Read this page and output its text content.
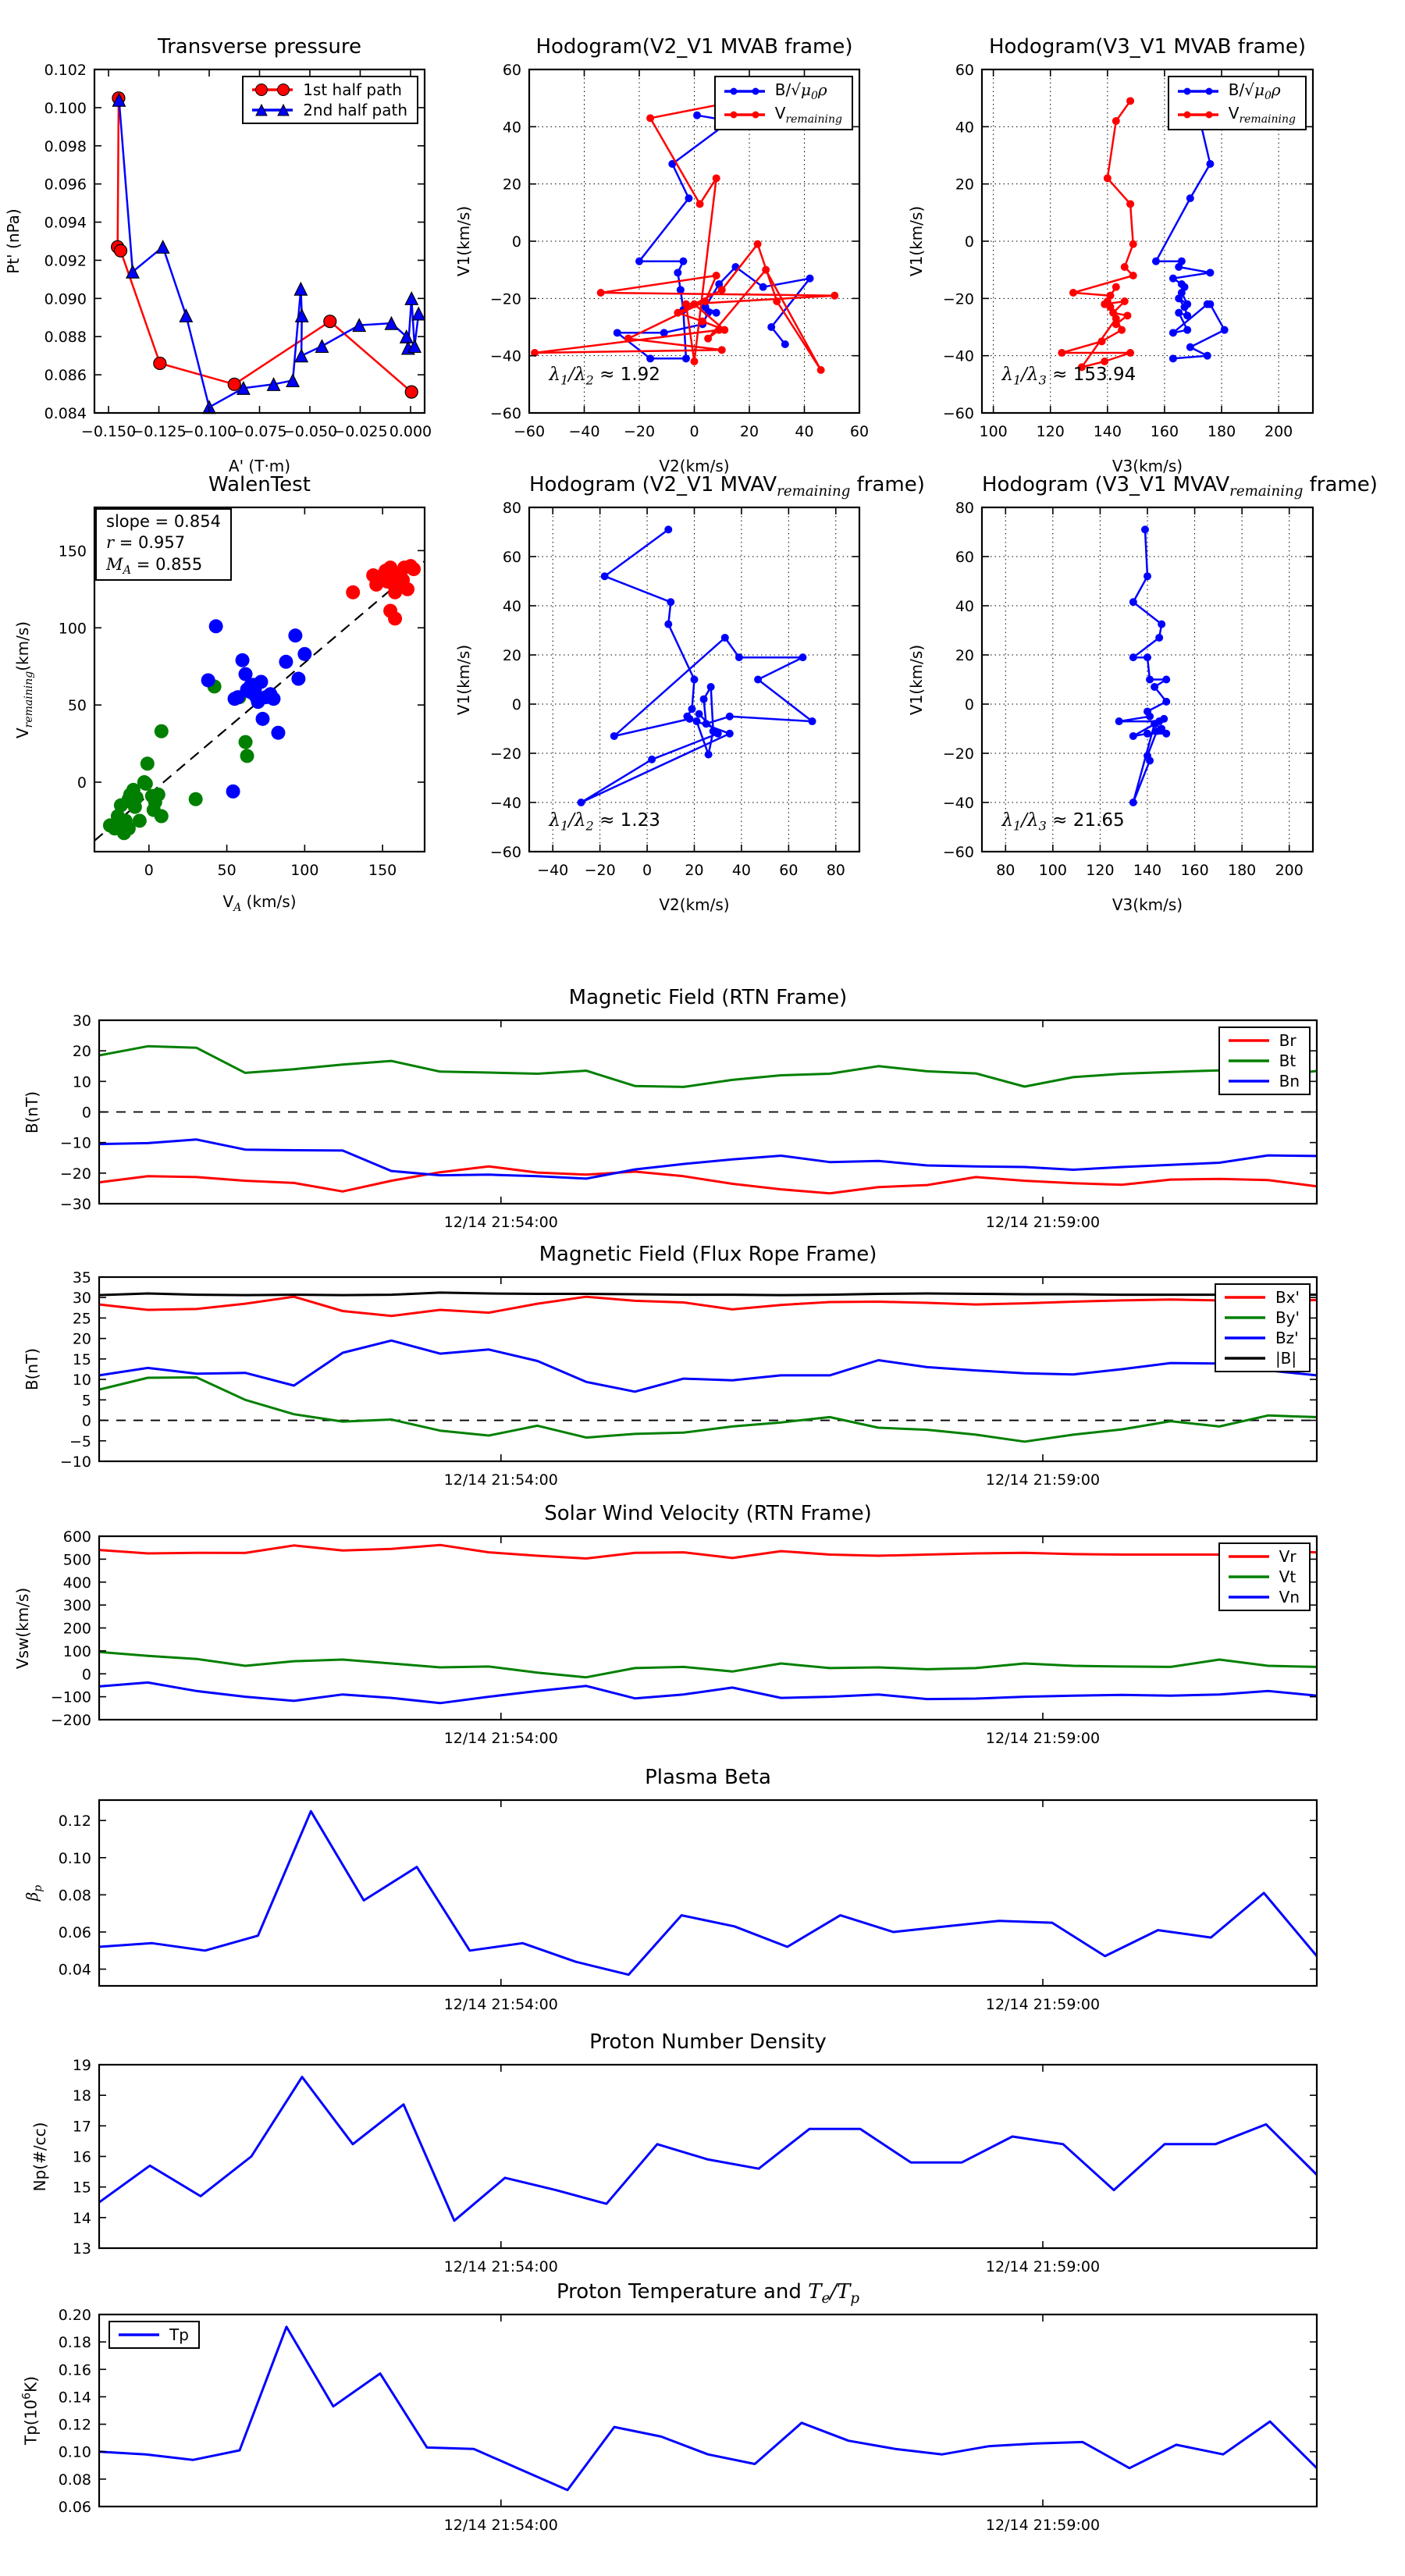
Transverse pressure
Pt' (nPa)
A' (T·m)
−0.150
−0.125
−0.100
−0.075
−0.050
−0.025 0.000
0.084
0.086
0.088
0.090
0.092
0.094
0.096
0.098
0.100
0.102
1st half path
2nd half path
Hodogram(V2_V1 MVAB frame)
V1(km/s)
V2(km/s)
−60 −40 −20 0	20 40 60
−60
−40
−20
0
20
40
60
$B/√\mu_0\rho$
$V_{remaining}$
$\lambda_1/\lambda_2 \approx 1.92$
Hodogram(V3_V1 MVAB frame)
V1(km/s)
V3(km/s)
100 120 140 160 180 200
−60
−40
−20
0
20
40
60
$B/√\mu_0\rho$
$V_{remaining}$
$\lambda_1/\lambda_3 \approx 153.94$
WalenTest
$V_{remaining}(km/s)$
$V_A$ (km/s)
0	50	100	150
0
50
100
150
slope = 0.854
r = 0.957
$M_A = 0.855$
Hodogram (V2_V1 $MVAV_{remaining}$ frame)
V1(km/s)
V2(km/s)
−40 −20 0 20 40 60 80
−60
−40
−20
0
20
40
60
80
$\lambda_1/\lambda_2 \approx 1.23$
Hodogram (V3_V1 $MVAV_{remaining}$ frame)
V1(km/s)
V3(km/s)
80 100 120 140 160 180 200
−60
−40
−20
0
20
40
60
80
$\lambda_1/\lambda_3 \approx 21.65$
Magnetic Field (RTN Frame)
B(nT)
12/14 21:54:00	12/14 21:59:00
−30
−20
−10
0
10
20
30
Br
Bt
Bn
Magnetic Field (Flux Rope Frame)
B(nT)
12/14 21:54:00	12/14 21:59:00
−10
−5
0
5
10
15
20
25
30
35
Bx'
By'
Bz'
|B|
Solar Wind Velocity (RTN Frame)
Vsw(km/s)
12/14 21:54:00	12/14 21:59:00
−200
−100
0
100
200
300
400
500
600
Vr
Vt
Vn
Plasma Beta
$\beta_p$
12/14 21:54:00	12/14 21:59:00
0.04
0.06
0.08
0.10
0.12
Proton Number Density
Np(#/cc)
12/14 21:54:00	12/14 21:59:00
13
14
15
16
17
18
19
Proton Temperature and $T_e/T_p$
$Tp(10^6K)$
12/14 21:54:00	12/14 21:59:00
0.06
0.08
0.10
0.12
0.14
0.16
0.18
0.20
Tp
